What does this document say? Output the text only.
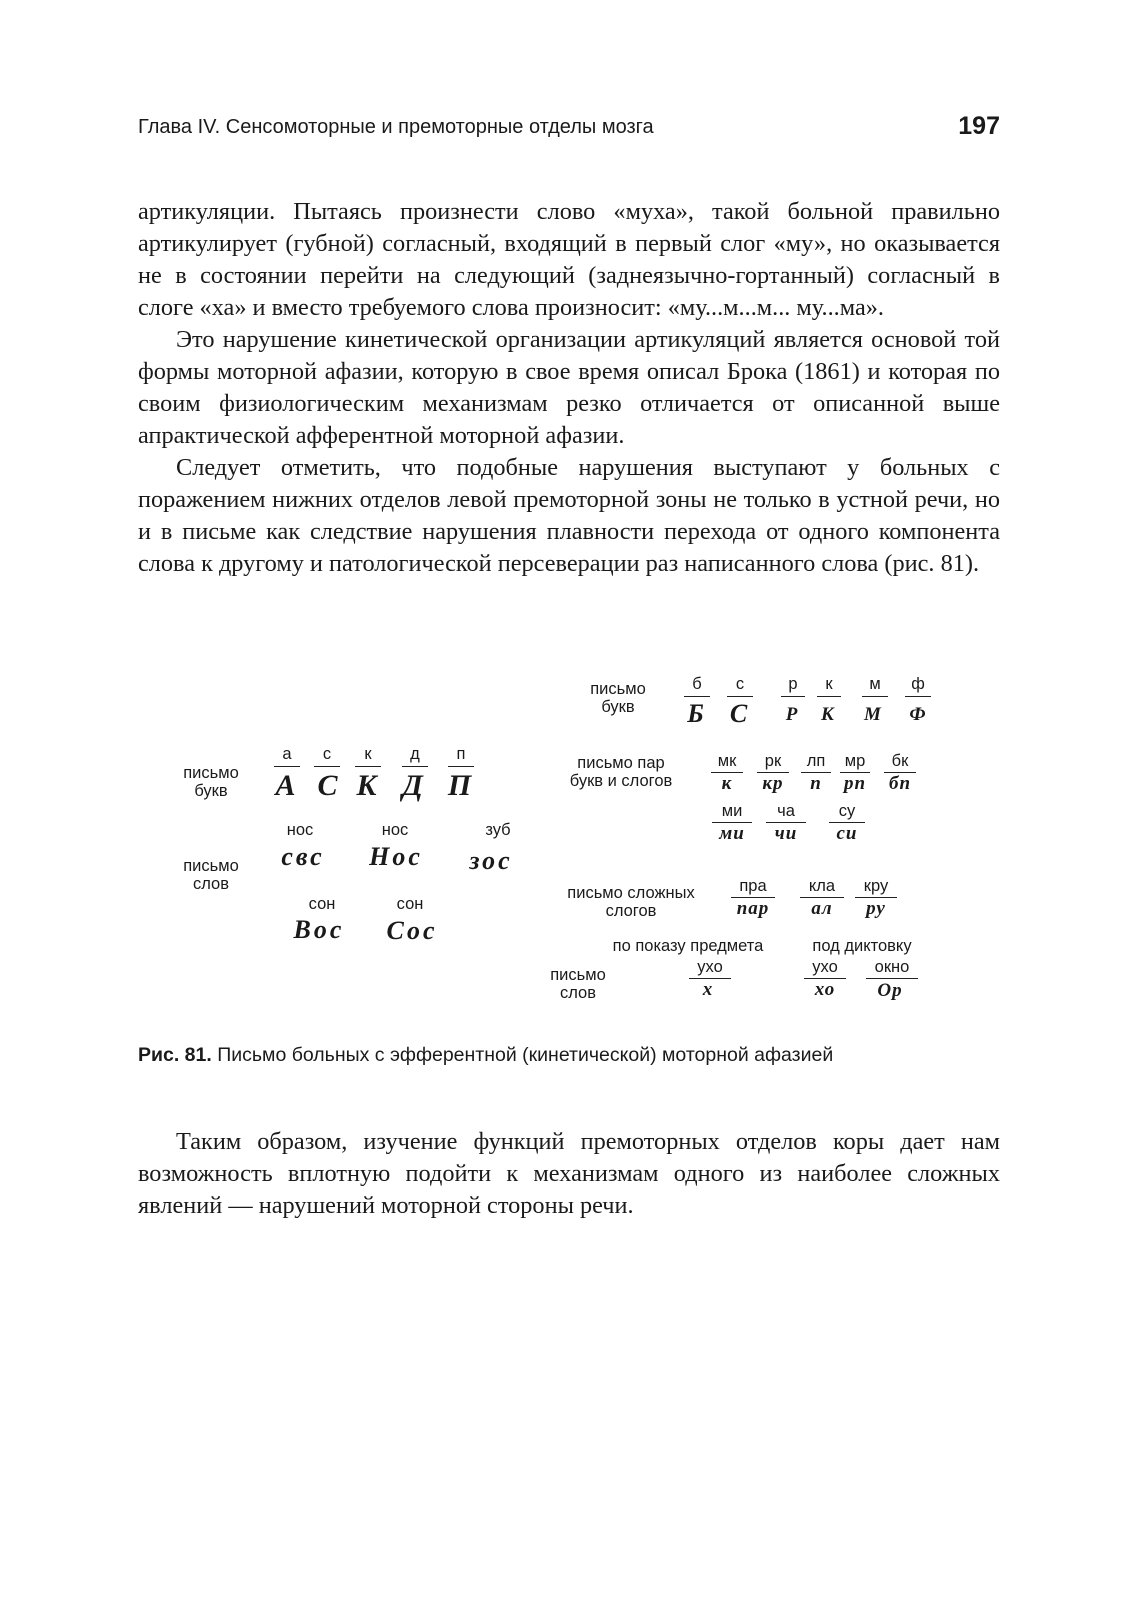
Глава IV. Сенсомоторные и премоторные отделы мозга	197

артикуляции. Пытаясь произнести слово «муха», такой больной правильно артикулирует (губной) согласный, входящий в первый слог «му», но оказывается не в состоянии перейти на следующий (заднеязычно-гортанный) согласный в слоге «ха» и вместо требуемого слова произносит: «му...м...м... му...ма».

Это нарушение кинетической организации артикуляций является основой той формы моторной афазии, которую в свое время описал Брока (1861) и которая по своим физиологическим механизмам резко отличается от описанной выше апрактической афферентной моторной афазии.

Следует отметить, что подобные нарушения выступают у больных с поражением нижних отделов левой премоторной зоны не только в устной речи, но и в письме как следствие нарушения плавности перехода от одного компонента слова к другому и патологической персеверации раз написанного слова (рис. 81).

письмо
букв
а
A
с
C
к
K
д
Д
п
П
письмо
слов
нос
свс
нос
Нос
зуб
зос
сон
Вос
сон
Сос
письмо
букв
б
Б
с
С
р
Р
к
К
м
М
ф
Ф
письмо пар
букв и слогов
мк
к
рк
кр
лп
п
мр
рп
бк
бп
ми
ми
ча
чи
су
си
письмо сложных
слогов
пра
пар
кла
ал
кру
ру
по показу предмета	под диктовку
письмо
слов
ухо
х
ухо
хо
окно
Ор
Рис. 81. Письмо больных с эфферентной (кинетической) моторной афазией

Таким образом, изучение функций премоторных отделов коры дает нам возможность вплотную подойти к механизмам одного из наиболее сложных явлений — нарушений моторной стороны речи.
